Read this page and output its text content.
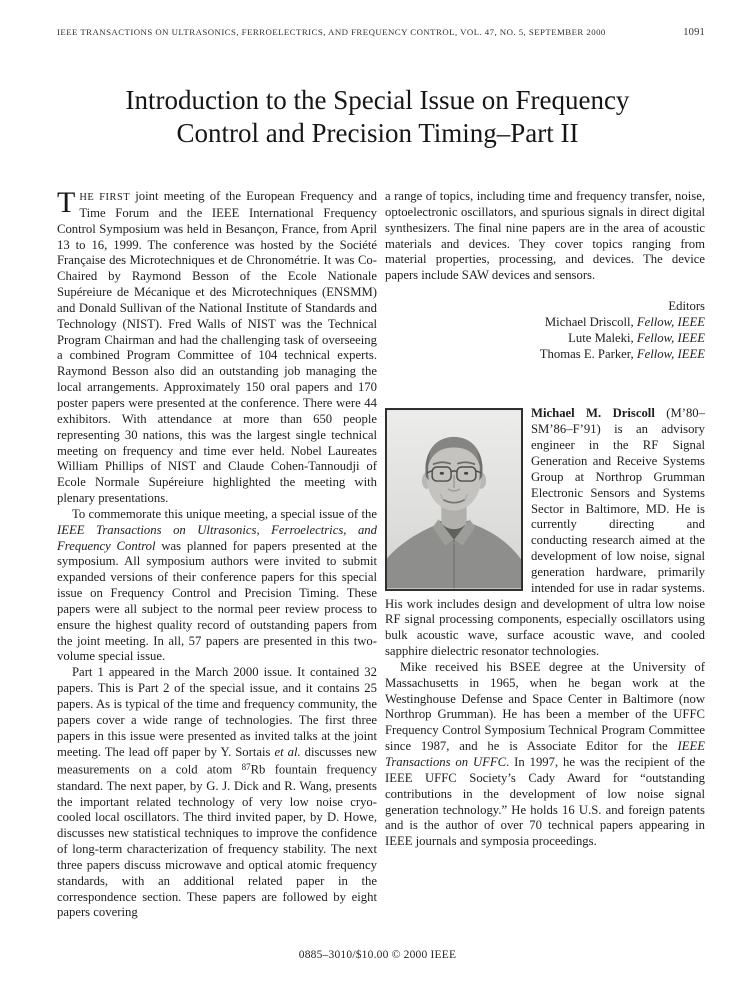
IEEE TRANSACTIONS ON ULTRASONICS, FERROELECTRICS, AND FREQUENCY CONTROL, VOL. 47, NO. 5, SEPTEMBER 2000	1091
Introduction to the Special Issue on Frequency
Control and Precision Timing–Part II

T HE FIRST joint meeting of the European Frequency and Time Forum and the IEEE International Frequency Control Symposium was held in Besançon, France, from April 13 to 16, 1999. The conference was hosted by the Société Française des Microtechniques et de Chronométrie. It was Co-Chaired by Raymond Besson of the Ecole Nationale Supéreiure de Mécanique et des Microtechniques (ENSMM) and Donald Sullivan of the National Institute of Standards and Technology (NIST). Fred Walls of NIST was the Technical Program Chairman and had the challenging task of overseeing a combined Program Committee of 104 technical experts. Raymond Besson also did an outstanding job managing the local arrangements. Approximately 150 oral papers and 170 poster papers were presented at the conference. There were 44 exhibitors. With attendance at more than 650 people representing 30 nations, this was the largest single technical meeting on frequency and time ever held. Nobel Laureates William Phillips of NIST and Claude Cohen-Tannoudji of Ecole Normale Supéreiure highlighted the meeting with plenary presentations.

To commemorate this unique meeting, a special issue of the IEEE Transactions on Ultrasonics, Ferroelectrics, and Frequency Control was planned for papers presented at the symposium. All symposium authors were invited to submit expanded versions of their conference papers for this special issue on Frequency Control and Precision Timing. These papers were all subject to the normal peer review process to ensure the highest quality record of outstanding papers from the joint meeting. In all, 57 papers are presented in this two-volume special issue.

Part 1 appeared in the March 2000 issue. It contained 32 papers. This is Part 2 of the special issue, and it contains 25 papers. As is typical of the time and frequency community, the papers cover a wide range of technologies. The first three papers in this issue were presented as invited talks at the joint meeting. The lead off paper by Y. Sortais et al. discusses new measurements on a cold atom $^{87}$Rb fountain frequency standard. The next paper, by G. J. Dick and R. Wang, presents the important related technology of very low noise cryo-cooled local oscillators. The third invited paper, by D. Howe, discusses new statistical techniques to improve the confidence of long-term characterization of frequency stability. The next three papers discuss microwave and optical atomic frequency standards, with an additional related paper in the correspondence section. These papers are followed by eight papers covering

a range of topics, including time and frequency transfer, noise, optoelectronic oscillators, and spurious signals in direct digital synthesizers. The final nine papers are in the area of acoustic materials and devices. They cover topics ranging from material properties, processing, and devices. The device papers include SAW devices and sensors.

Editors
Michael Driscoll, Fellow, IEEE
Lute Maleki, Fellow, IEEE
Thomas E. Parker, Fellow, IEEE

Michael M. Driscoll (M’80–SM’86–F’91) is an advisory engineer in the RF Signal Generation and Receive Systems Group at Northrop Grumman Electronic Sensors and Systems Sector in Baltimore, MD. He is currently directing and conducting research aimed at the development of low noise, signal generation hardware, primarily intended for use in radar systems. His work includes design and development of ultra low noise RF signal processing components, especially oscillators using bulk acoustic wave, surface acoustic wave, and cooled sapphire dielectric resonator technologies.

Mike received his BSEE degree at the University of Massachusetts in 1965, when he began work at the Westinghouse Defense and Space Center in Baltimore (now Northrop Grumman). He has been a member of the UFFC Frequency Control Symposium Technical Program Committee since 1987, and he is Associate Editor for the IEEE Transactions on UFFC. In 1997, he was the recipient of the IEEE UFFC Society’s Cady Award for “outstanding contributions in the development of low noise signal generation technology.” He holds 16 U.S. and foreign patents and is the author of over 70 technical papers appearing in IEEE journals and symposia proceedings.

0885–3010/$10.00 © 2000 IEEE
